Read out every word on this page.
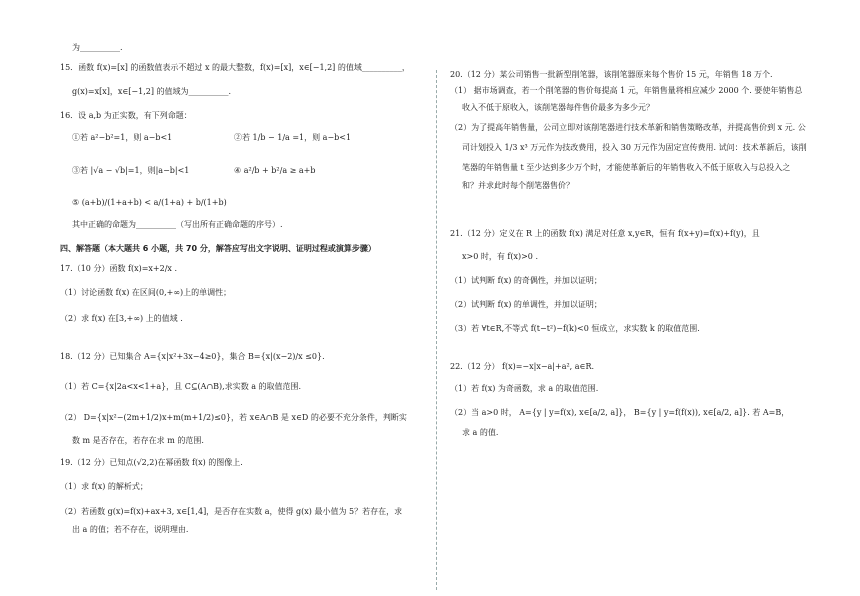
为__________.
15．函数 f(x)=[x] 的函数值表示不超过 x 的最大整数，f(x)=[x]，x∈[−1,2] 的值域__________，
g(x)=x[x]，x∈[−1,2] 的值域为__________.
16．设 a,b 为正实数，有下列命题：
①若 a²−b²=1，则 a−b<1	②若 1/b − 1/a =1，则 a−b<1
③若 |√a − √b|=1，则|a−b|<1	④ a²/b + b²/a ≥ a+b
⑤ (a+b)/(1+a+b) < a/(1+a) + b/(1+b)
其中正确的命题为__________（写出所有正确命题的序号）.
四、解答题（本大题共 6 小题，共 70 分，解答应写出文字说明、证明过程或演算步骤）
17.（10 分）函数 f(x)=x+2/x .
（1）讨论函数 f(x) 在区间(0,+∞)上的单调性；
（2）求 f(x) 在[3,+∞) 上的值域 .
18.（12 分）已知集合 A={x|x²+3x−4≥0}，集合 B={x|(x−2)/x ≤0}.
（1）若 C={x|2a<x<1+a}，且 C⊆(A∩B),求实数 a 的取值范围.
（2） D={x|x²−(2m+1/2)x+m(m+1/2)≤0}，若 x∈A∩B 是 x∈D 的必要不充分条件，判断实
数 m 是否存在，若存在求 m 的范围.
19.（12 分）已知点(√2,2)在幂函数 f(x) 的图像上.
（1）求 f(x) 的解析式；
（2）若函数 g(x)=f(x)+ax+3, x∈[1,4]，是否存在实数 a，使得 g(x) 最小值为 5？若存在，求
出 a 的值；若不存在，说明理由.
20.（12 分）某公司销售一批新型削笔器，该削笔器原来每个售价 15 元，年销售 18 万个.
（1） 据市场调查，若一个削笔器的售价每提高 1 元，年销售量将相应减少 2000 个. 要使年销售总
收入不低于原收入，该削笔器每件售价最多为多少元？
（2）为了提高年销售量，公司立即对该削笔器进行技术革新和销售策略改革，并提高售价到 x 元. 公
司计划投入 1/3 x³ 万元作为技改费用，投入 30 万元作为固定宣传费用. 试问：技术革新后，该削
笔器的年销售量 t 至少达到多少万个时，才能使革新后的年销售收入不低于原收入与总投入之
和？并求此时每个削笔器售价？
21.（12 分）定义在 R 上的函数 f(x) 满足对任意 x,y∈R，恒有 f(x+y)=f(x)+f(y)，且
x>0 时，有 f(x)>0 .
（1）试判断 f(x) 的奇偶性，并加以证明；
（2）试判断 f(x) 的单调性，并加以证明；
（3）若 ∀t∈R,不等式 f(t−t²)−f(k)<0 恒成立，求实数 k 的取值范围.
22.（12 分） f(x)=−x|x−a|+a², a∈R.
（1）若 f(x) 为奇函数，求 a 的取值范围.
（2）当 a>0 时， A={y | y=f(x), x∈[a/2, a]}， B={y | y=f(f(x)), x∈[a/2, a]}. 若 A=B，
求 a 的值.
